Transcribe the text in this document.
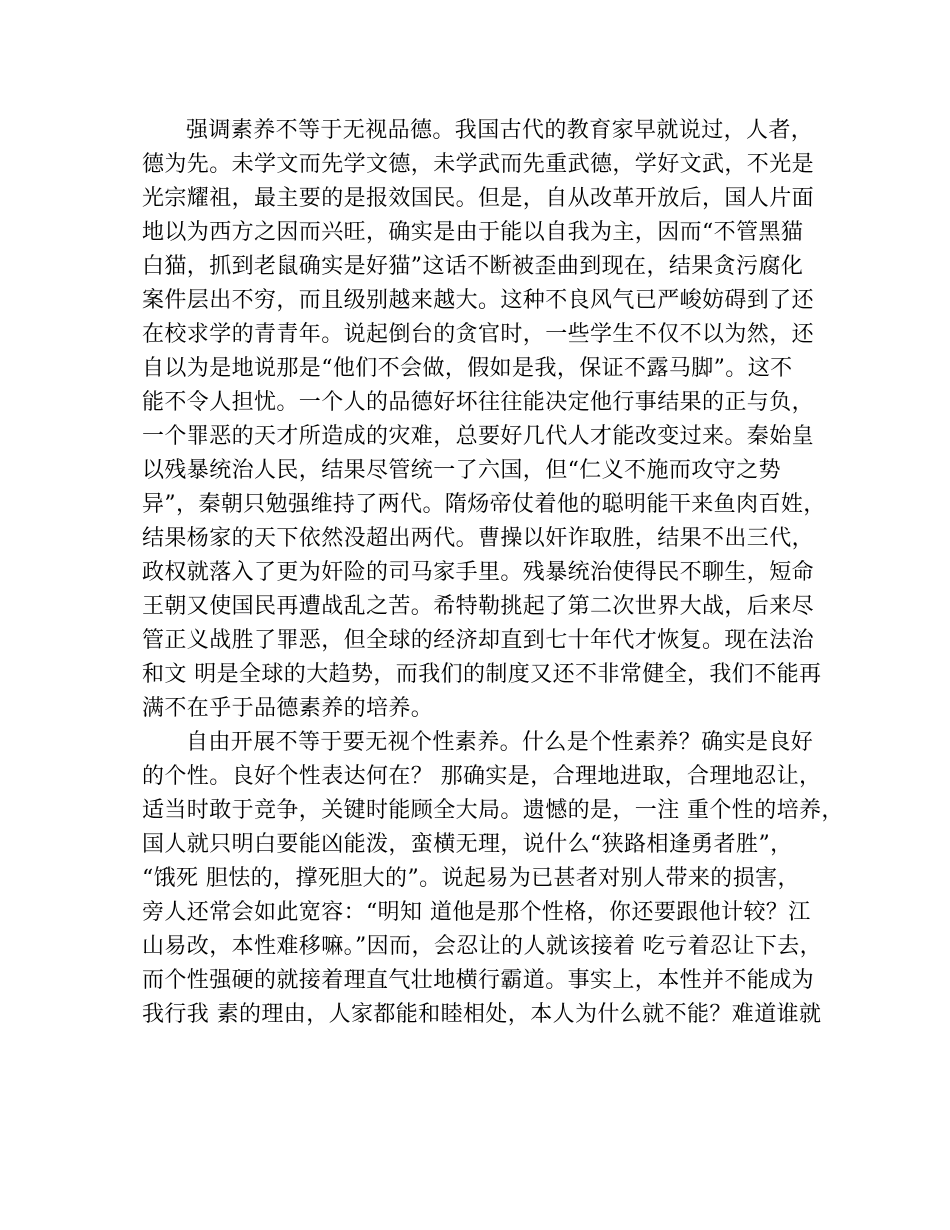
强调素养不等于无视品德。我国古代的教育家早就说过，人者，
德为先。未学文而先学文德，未学武而先重武德，学好文武，不光是
光宗耀祖，最主要的是报效国民。但是，自从改革开放后，国人片面
地以为西方之因而兴旺，确实是由于能以自我为主，因而“不管黑猫
白猫，抓到老鼠确实是好猫”这话不断被歪曲到现在，结果贪污腐化
案件层出不穷，而且级别越来越大。这种不良风气已严峻妨碍到了还
在校求学的青青年。说起倒台的贪官时，一些学生不仅不以为然，还
自以为是地说那是“他们不会做，假如是我，保证不露马脚”。这不
能不令人担忧。一个人的品德好坏往往能决定他行事结果的正与负，
一个罪恶的天才所造成的灾难，总要好几代人才能改变过来。秦始皇
以残暴统治人民，结果尽管统一了六国，但“仁义不施而攻守之势
异”，秦朝只勉强维持了两代。隋炀帝仗着他的聪明能干来鱼肉百姓，
结果杨家的天下依然没超出两代。曹操以奸诈取胜，结果不出三代，
政权就落入了更为奸险的司马家手里。残暴统治使得民不聊生，短命
王朝又使国民再遭战乱之苦。希特勒挑起了第二次世界大战，后来尽
管正义战胜了罪恶，但全球的经济却直到七十年代才恢复。现在法治
和文 明是全球的大趋势，而我们的制度又还不非常健全，我们不能再
满不在乎于品德素养的培养。
自由开展不等于要无视个性素养。什么是个性素养？确实是良好
的个性。良好个性表达何在？ 那确实是，合理地进取，合理地忍让，
适当时敢于竞争，关键时能顾全大局。遗憾的是，一注 重个性的培养，
国人就只明白要能凶能泼，蛮横无理，说什么“狭路相逢勇者胜”，
“饿死 胆怯的，撑死胆大的”。说起易为已甚者对别人带来的损害，
旁人还常会如此宽容：“明知 道他是那个性格，你还要跟他计较？江
山易改，本性难移嘛。”因而，会忍让的人就该接着 吃亏着忍让下去，
而个性强硬的就接着理直气壮地横行霸道。事实上，本性并不能成为
我行我 素的理由，人家都能和睦相处，本人为什么就不能？难道谁就
